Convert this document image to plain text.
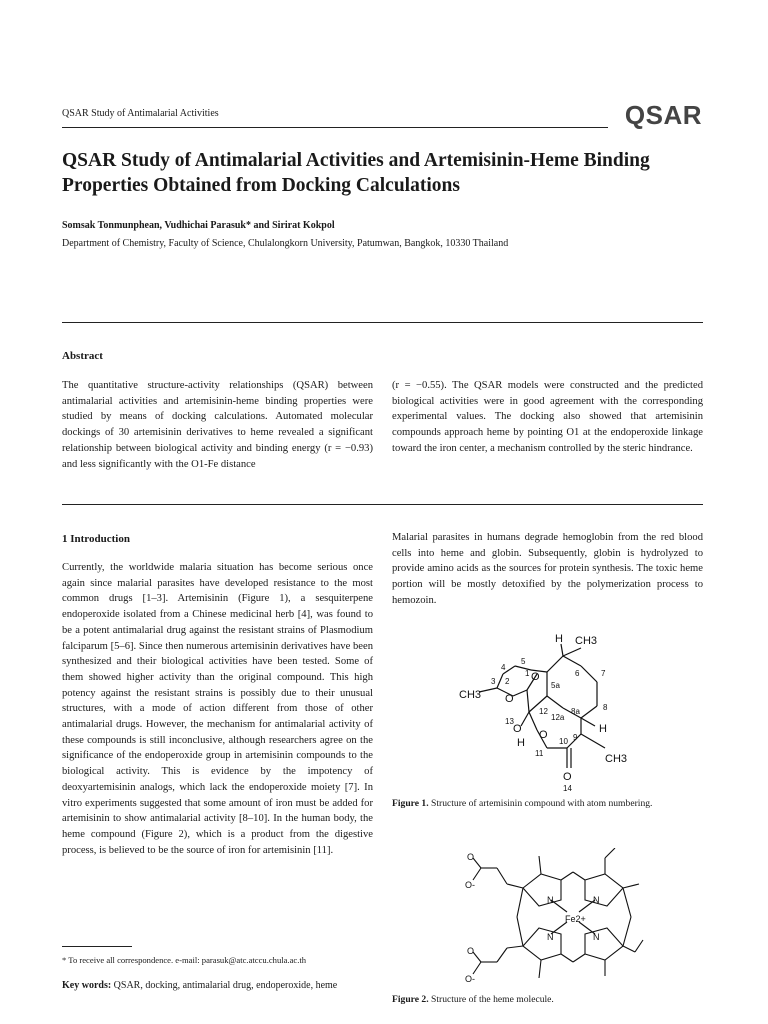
QSAR Study of Antimalarial Activities	QSAR
QSAR Study of Antimalarial Activities and Artemisinin-Heme Binding Properties Obtained from Docking Calculations
Somsak Tonmunphean, Vudhichai Parasuk* and Sirirat Kokpol
Department of Chemistry, Faculty of Science, Chulalongkorn University, Patumwan, Bangkok, 10330 Thailand
Abstract

The quantitative structure-activity relationships (QSAR) between antimalarial activities and artemisinin-heme binding properties were studied by means of docking calculations. Automated molecular dockings of 30 artemisinin derivatives to heme revealed a significant relationship between biological activity and binding energy (r = −0.93) and less significantly with the O1-Fe distance

(r = −0.55). The QSAR models were constructed and the predicted biological activities were in good agreement with the corresponding experimental values. The docking also showed that artemisinin compounds approach heme by pointing O1 at the endoperoxide linkage toward the iron center, a mechanism controlled by the steric hindrance.

1 Introduction

Currently, the worldwide malaria situation has become serious once again since malarial parasites have developed resistance to the most common drugs [1–3]. Artemisinin (Figure 1), a sesquiterpene endoperoxide isolated from a Chinese medicinal herb [4], was found to be a potent antimalarial drug against the resistant strains of Plasmodium falciparum [5–6]. Since then numerous artemisinin derivatives have been synthesized and their biological activities have been tested. Some of them showed higher activity than the original compound. This high potency against the resistant strains is possibly due to their unusual structures, with a mode of action different from those of other antimalarial drugs. However, the mechanism for antimalarial activity of these compounds is still inconclusive, although researchers agree on the significance of the endoperoxide group in artemisinin compounds to the biological activity. This is evidence by the impotency of deoxyartemisinin analogs, which lack the endoperoxide moiety [7]. In vitro experiments suggested that some amount of iron must be added for artemisinin to show antimalarial activity [8–10]. In the human body, the heme compound (Figure 2), which is a product from the digestive process, is believed to be the source of iron for artemisinin [11].

* To receive all correspondence. e-mail: parasuk@atc.atccu.chula.ac.th
Key words: QSAR, docking, antimalarial drug, endoperoxide, heme

Malarial parasites in humans degrade hemoglobin from the red blood cells into heme and globin. Subsequently, globin is hydrolyzed to provide amino acids as the sources for protein synthesis. The toxic heme portion will be mostly detoxified by the polymerization process to hemozoin.

H CH3
CH3 O
O
O O
H
H
CH3
O
1
2
3
4
5
5a
6	7
8
8a
9
10
11
12
12a
13
14
Figure 1. Structure of artemisinin compound with atom numbering.
N	N
N	N
Fe2+
O
O-
O
O-
Figure 2. Structure of the heme molecule.
